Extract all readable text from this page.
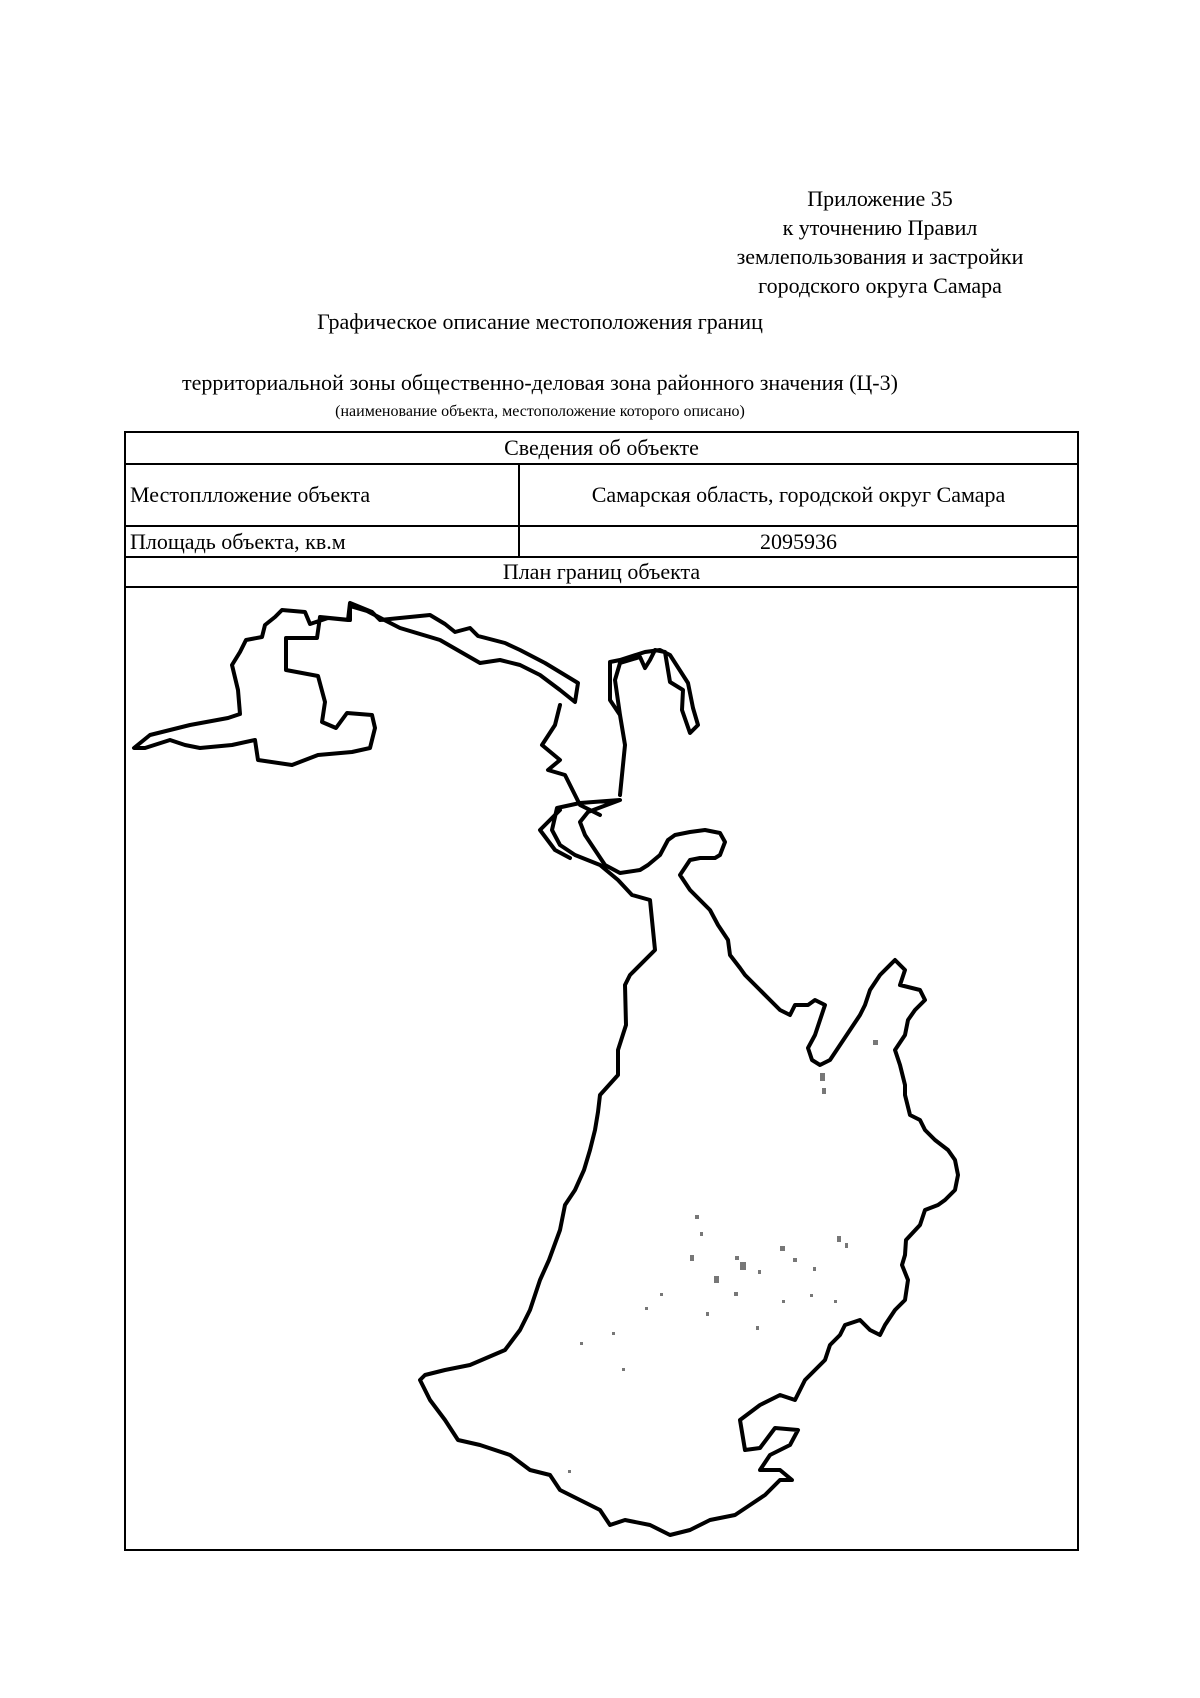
Приложение 35
к уточнению Правил
землепользования и застройки
городского округа Самара
Графическое описание местоположения границ
территориальной зоны общественно-деловая зона районного значения (Ц-3)
(наименование объекта, местоположение которого описано)
Сведения об объекте
Местоплложение объекта	Самарская область, городской округ Самара
Площадь объекта, кв.м	2095936
План границ объекта
